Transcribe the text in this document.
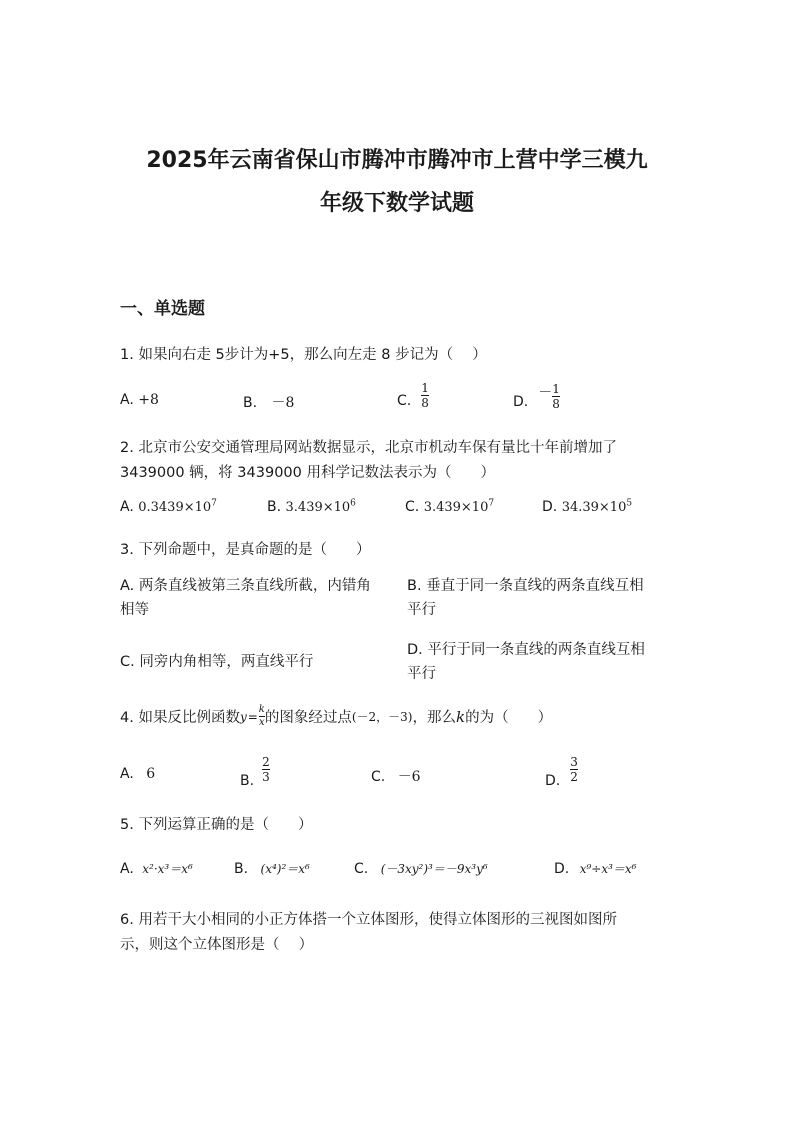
2025年云南省保山市腾冲市腾冲市上营中学三模九
年级下数学试题
一、单选题
1. 如果向右走 5步计为+5，那么向左走 8 步记为（　 ）
A. +8	B. －8	C. $\frac{1}{8}$	D.
－ $\frac{1}{8}$
2. 北京市公安交通管理局网站数据显示，北京市机动车保有量比十年前增加了
3439000 辆，将 3439000 用科学记数法表示为（　　）
A. $0.3439\times 10^7$	B. $3.439\times 10^6$	C. $3.439\times 10^7$	D. $34.39\times 10^5$
3. 下列命题中，是真命题的是（　　）
A. 两条直线被第三条直线所截，内错角
相等
B. 垂直于同一条直线的两条直线互相
平行
C. 同旁内角相等，两直线平行
D. 平行于同一条直线的两条直线互相
平行
4. 如果反比例函数 $y = \frac{k}{x}$ 的图象经过点 (－2，－3) ，那么 k 的为（　　）
A. 6	B. $\frac{2}{3}$	C. －6	D. $\frac{3}{2}$
5. 下列运算正确的是（　　）
A. x²·x³＝x⁶	B. (x⁴)²＝x⁶	C. (－3xy²)³＝－9x³y⁶	D. x⁹÷x³＝x⁶
6. 用若干大小相同的小正方体搭一个立体图形，使得立体图形的三视图如图所
示，则这个立体图形是（　 ）
